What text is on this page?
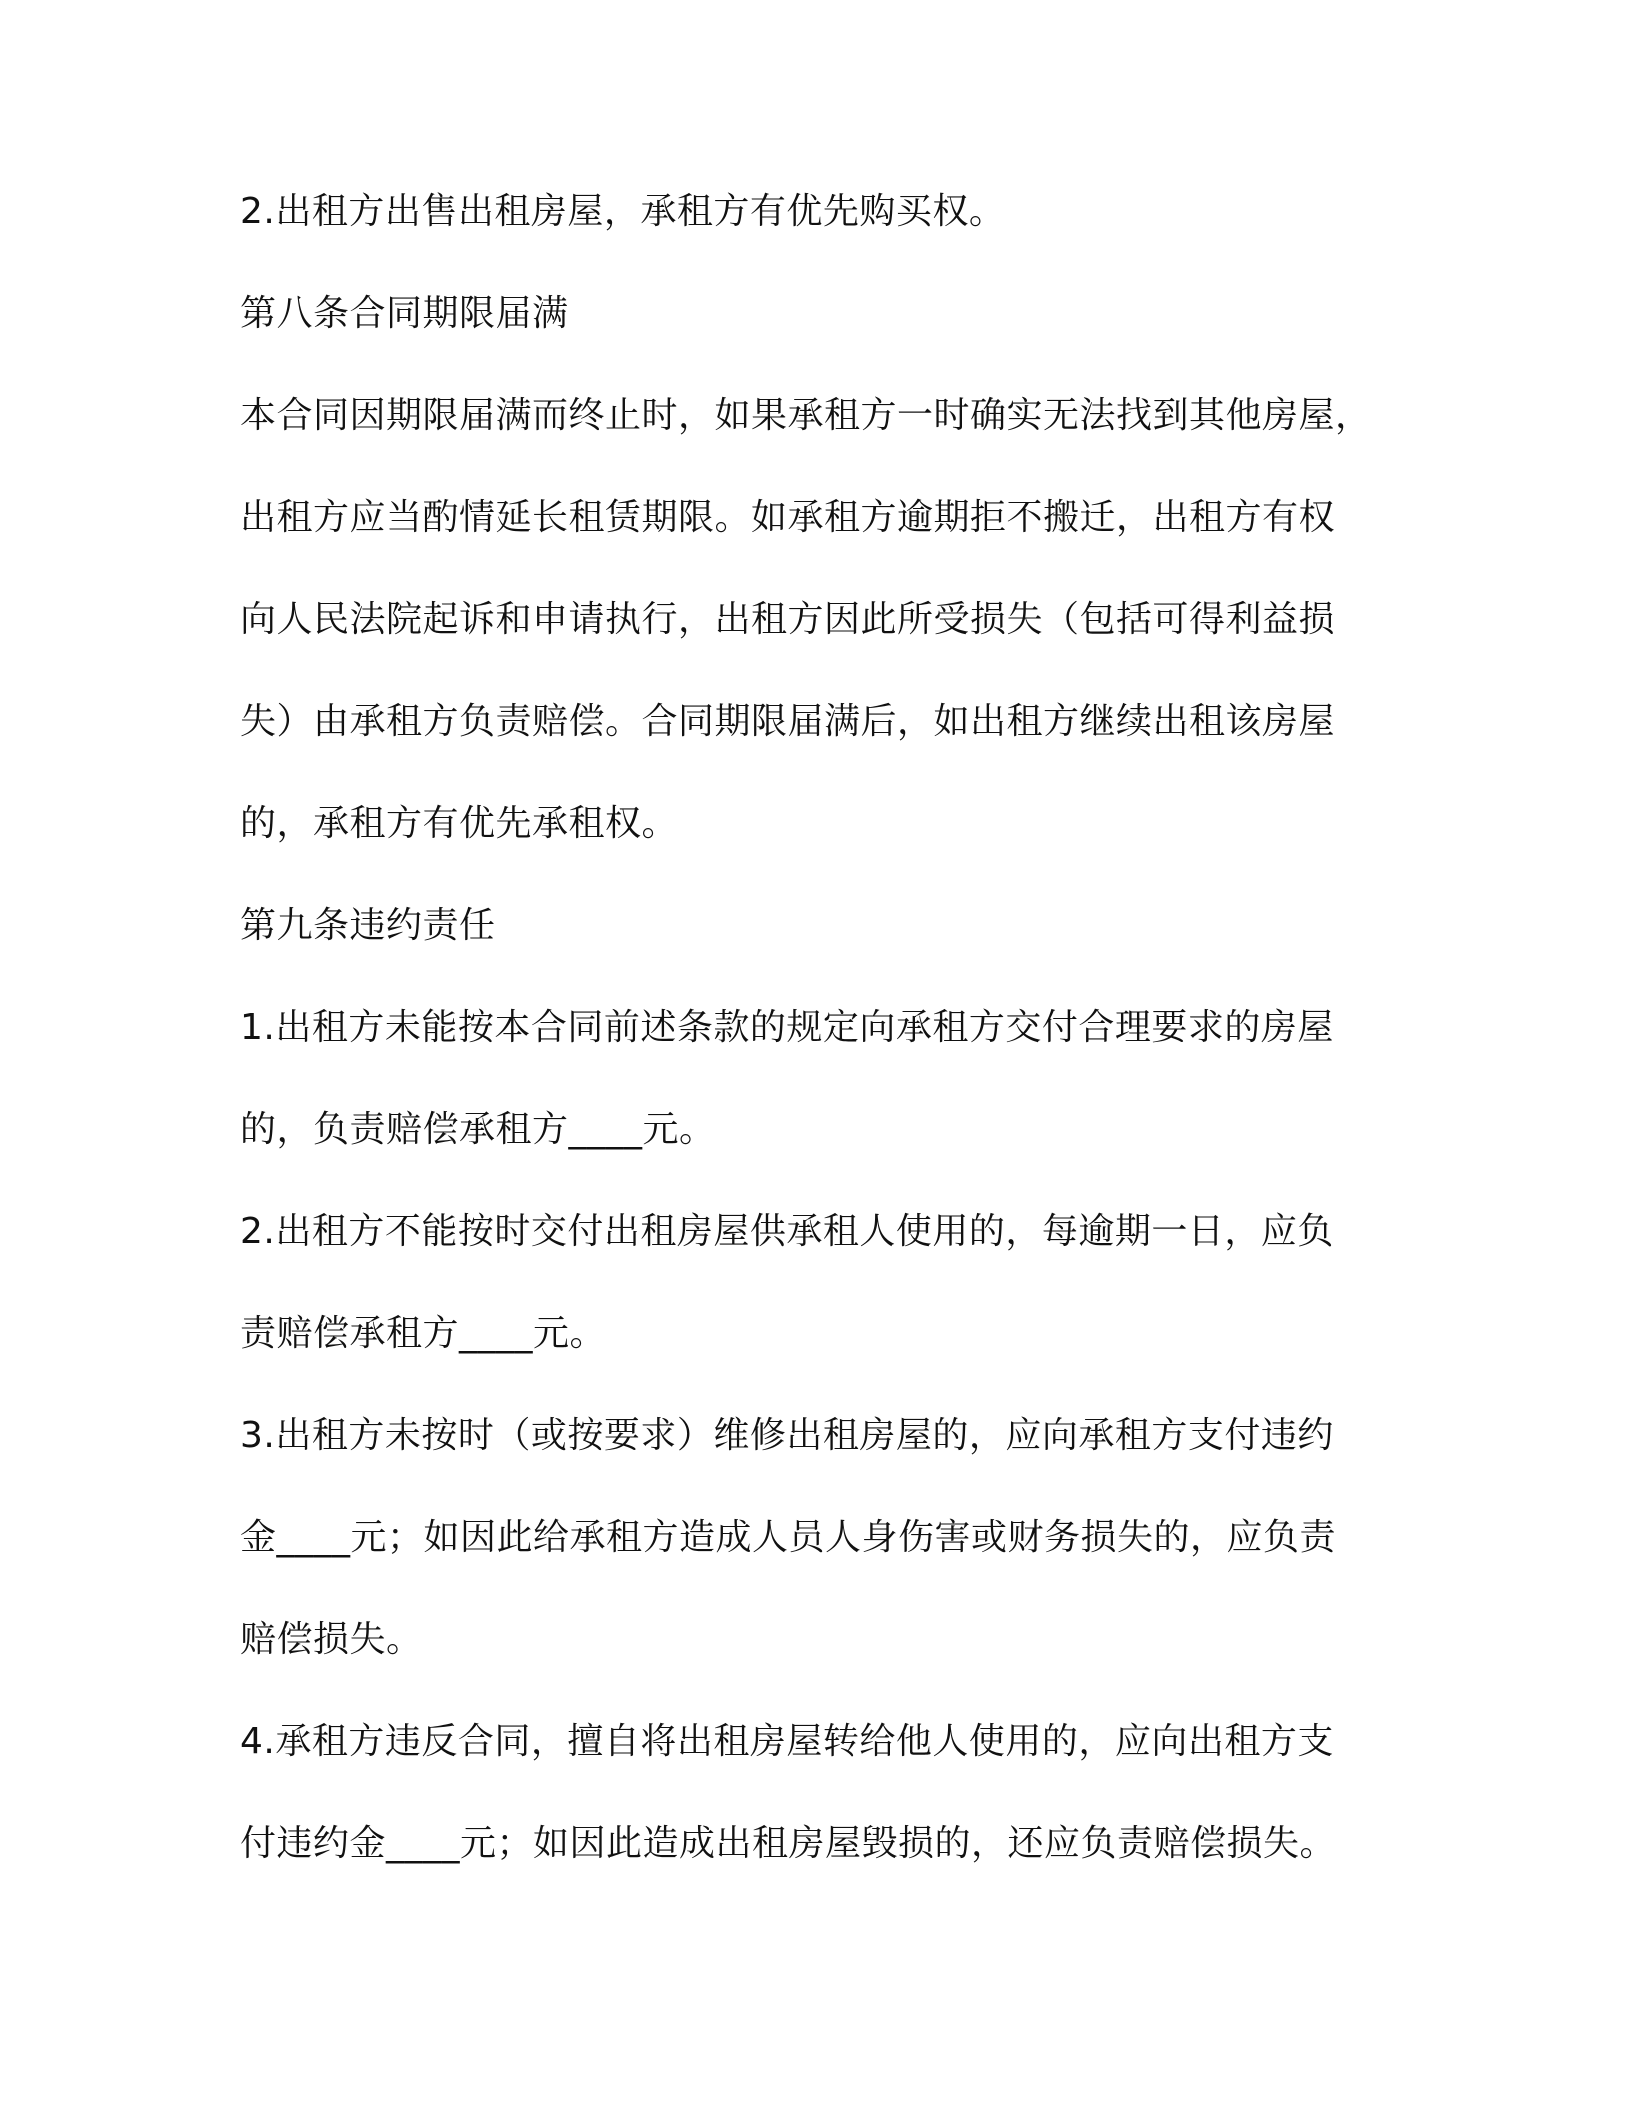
2.出租方出售出租房屋，承租方有优先购买权。

第八条合同期限届满

本合同因期限届满而终止时，如果承租方一时确实无法找到其他房屋，

出租方应当酌情延长租赁期限。如承租方逾期拒不搬迁，出租方有权

向人民法院起诉和申请执行，出租方因此所受损失（包括可得利益损

失）由承租方负责赔偿。合同期限届满后，如出租方继续出租该房屋

的，承租方有优先承租权。

第九条违约责任

1.出租方未能按本合同前述条款的规定向承租方交付合理要求的房屋

的，负责赔偿承租方____元。

2.出租方不能按时交付出租房屋供承租人使用的，每逾期一日，应负

责赔偿承租方____元。

3.出租方未按时（或按要求）维修出租房屋的，应向承租方支付违约

金____元；如因此给承租方造成人员人身伤害或财务损失的，应负责

赔偿损失。

4.承租方违反合同，擅自将出租房屋转给他人使用的，应向出租方支

付违约金____元；如因此造成出租房屋毁损的，还应负责赔偿损失。
